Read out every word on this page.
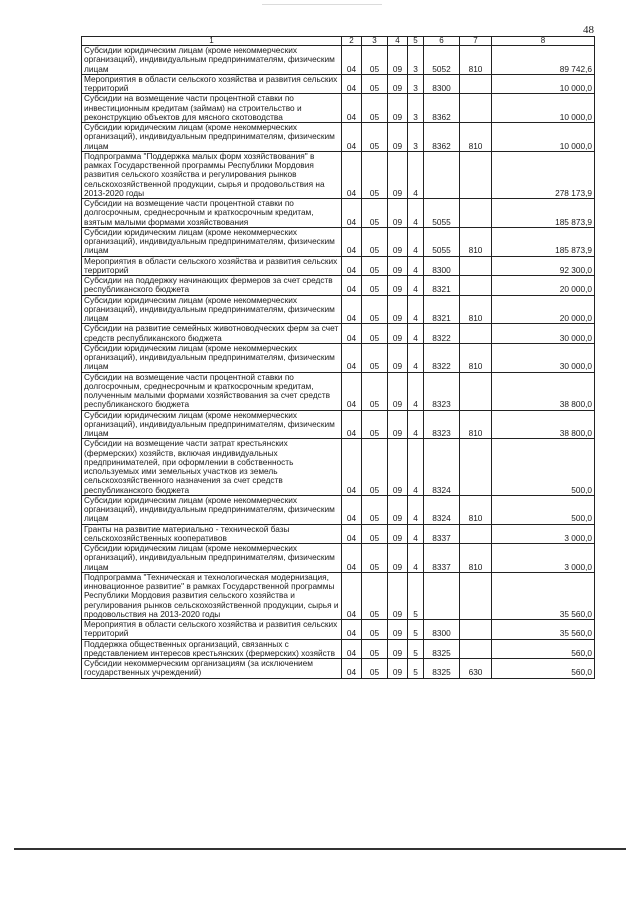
48
1	2	3	4	5	6	7	8
Субсидии юридическим лицам (кроме некоммерческих организаций), индивидуальным предпринимателям, физическим лицам	04	05	09	3	5052	810	89 742,6
Мероприятия в области сельского хозяйства и развития сельских территорий	04	05	09	3	8300		10 000,0
Субсидии на возмещение части процентной ставки по инвестиционным кредитам (займам) на строительство и реконструкцию объектов для мясного скотоводства	04	05	09	3	8362		10 000,0
Субсидии юридическим лицам (кроме некоммерческих организаций), индивидуальным предпринимателям, физическим лицам	04	05	09	3	8362	810	10 000,0
Подпрограмма "Поддержка малых форм хозяйствования" в рамках Государственной программы Республики Мордовия развития сельского хозяйства и регулирования рынков сельскохозяйственной продукции, сырья и продовольствия на 2013-2020 годы	04	05	09	4			278 173,9
Субсидии на возмещение части процентной ставки по долгосрочным, среднесрочным и краткосрочным кредитам, взятым малыми формами хозяйствования	04	05	09	4	5055		185 873,9
Субсидии юридическим лицам (кроме некоммерческих организаций), индивидуальным предпринимателям, физическим лицам	04	05	09	4	5055	810	185 873,9
Мероприятия в области сельского хозяйства и развития сельских территорий	04	05	09	4	8300		92 300,0
Субсидии на поддержку начинающих фермеров за счет средств республиканского бюджета	04	05	09	4	8321		20 000,0
Субсидии юридическим лицам (кроме некоммерческих организаций), индивидуальным предпринимателям, физическим лицам	04	05	09	4	8321	810	20 000,0
Субсидии на развитие семейных животноводческих ферм за счет средств республиканского бюджета	04	05	09	4	8322		30 000,0
Субсидии юридическим лицам (кроме некоммерческих организаций), индивидуальным предпринимателям, физическим лицам	04	05	09	4	8322	810	30 000,0
Субсидии на возмещение части процентной ставки по долгосрочным, среднесрочным и краткосрочным кредитам, полученным малыми формами хозяйствования за счет средств республиканского бюджета	04	05	09	4	8323		38 800,0
Субсидии юридическим лицам (кроме некоммерческих организаций), индивидуальным предпринимателям, физическим лицам	04	05	09	4	8323	810	38 800,0
Субсидии на возмещение части затрат крестьянских (фермерских) хозяйств, включая индивидуальных предпринимателей, при оформлении в собственность используемых ими земельных участков из земель сельскохозяйственного назначения за счет средств республиканского бюджета	04	05	09	4	8324		500,0
Субсидии юридическим лицам (кроме некоммерческих организаций), индивидуальным предпринимателям, физическим лицам	04	05	09	4	8324	810	500,0
Гранты на развитие материально - технической базы сельскохозяйственных кооперативов	04	05	09	4	8337		3 000,0
Субсидии юридическим лицам (кроме некоммерческих организаций), индивидуальным предпринимателям, физическим лицам	04	05	09	4	8337	810	3 000,0
Подпрограмма "Техническая и технологическая модернизация, инновационное развитие" в рамках Государственной программы Республики Мордовия развития сельского хозяйства и регулирования рынков сельскохозяйственной продукции, сырья и продовольствия на 2013-2020 годы	04	05	09	5			35 560,0
Мероприятия в области сельского хозяйства и развития сельских территорий	04	05	09	5	8300		35 560,0
Поддержка общественных организаций, связанных с представлением интересов крестьянских (фермерских) хозяйств	04	05	09	5	8325		560,0
Субсидии некоммерческим организациям (за исключением государственных учреждений)	04	05	09	5	8325	630	560,0
